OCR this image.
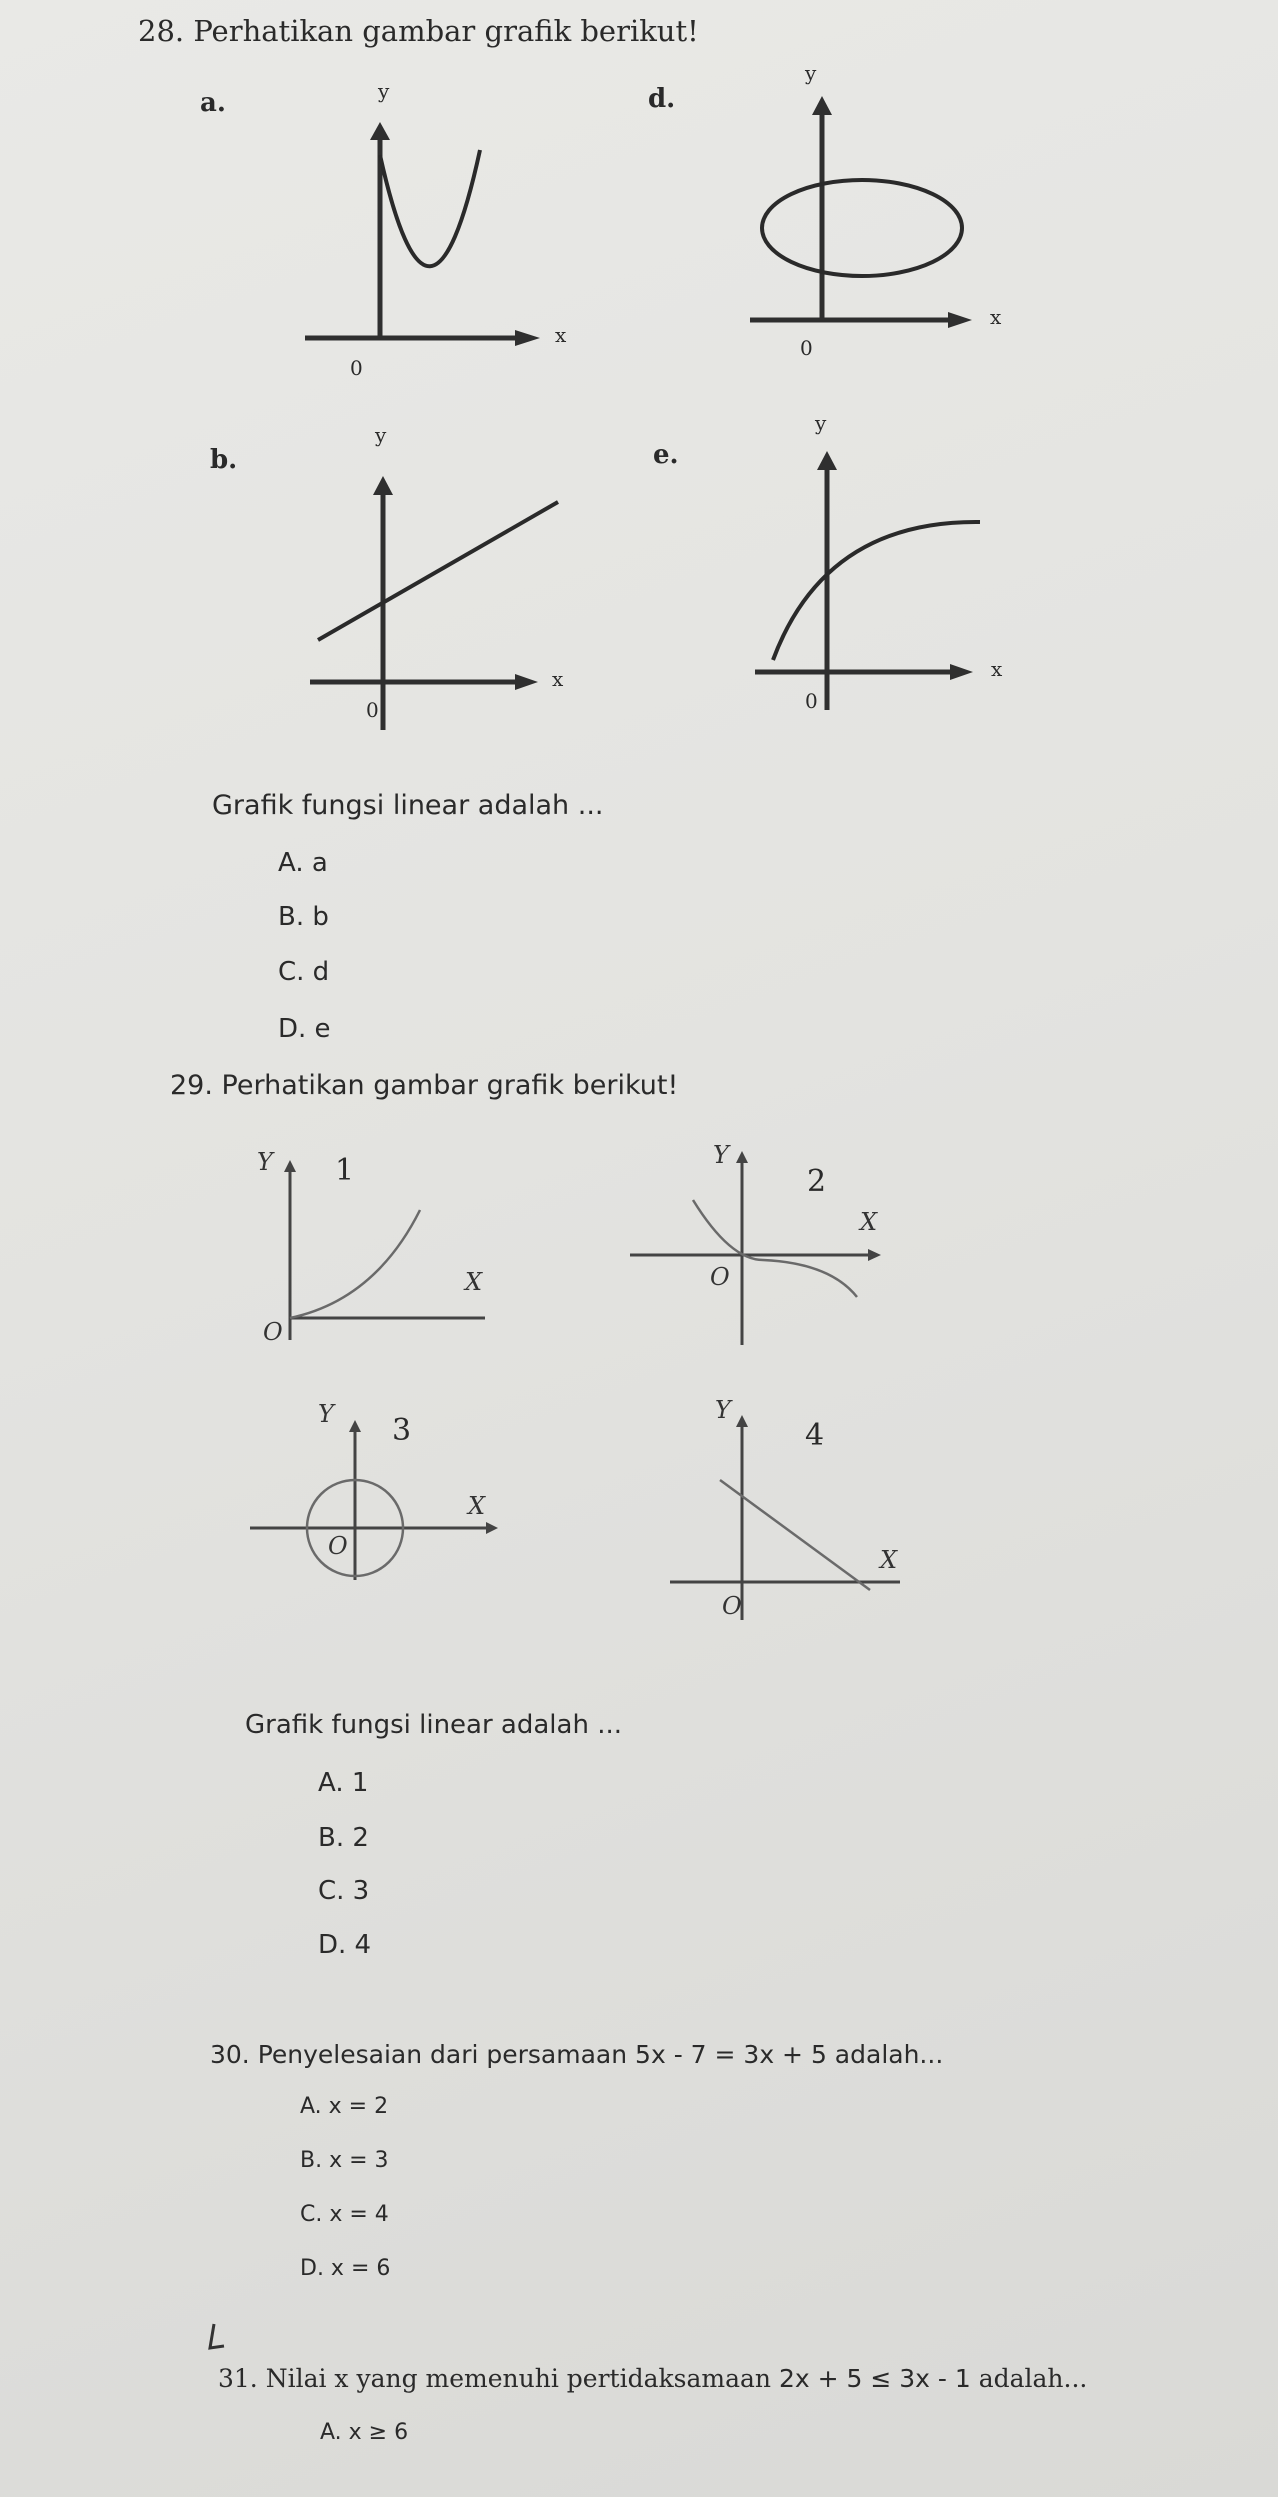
28. Perhatikan gambar grafik berikut!
a.	y
x
0
d.
y
x
0
b.
y
x
0
e.
y
x
0
Grafik fungsi linear adalah ...
A. a
B. b
C. d
D. e
29. Perhatikan gambar grafik berikut!
Y 1
X
O
Y
2
X
O
Y 3
X
O
Y
4
X
O
Grafik fungsi linear adalah ...
A. 1
B. 2
C. 3
D. 4
30. Penyelesaian dari persamaan 5x - 7 = 3x + 5 adalah...
A. x = 2
B. x = 3
C. x = 4
D. x = 6
31. Nilai x yang memenuhi pertidaksamaan 2x + 5 ≤ 3x - 1 adalah...
A. x ≥ 6
